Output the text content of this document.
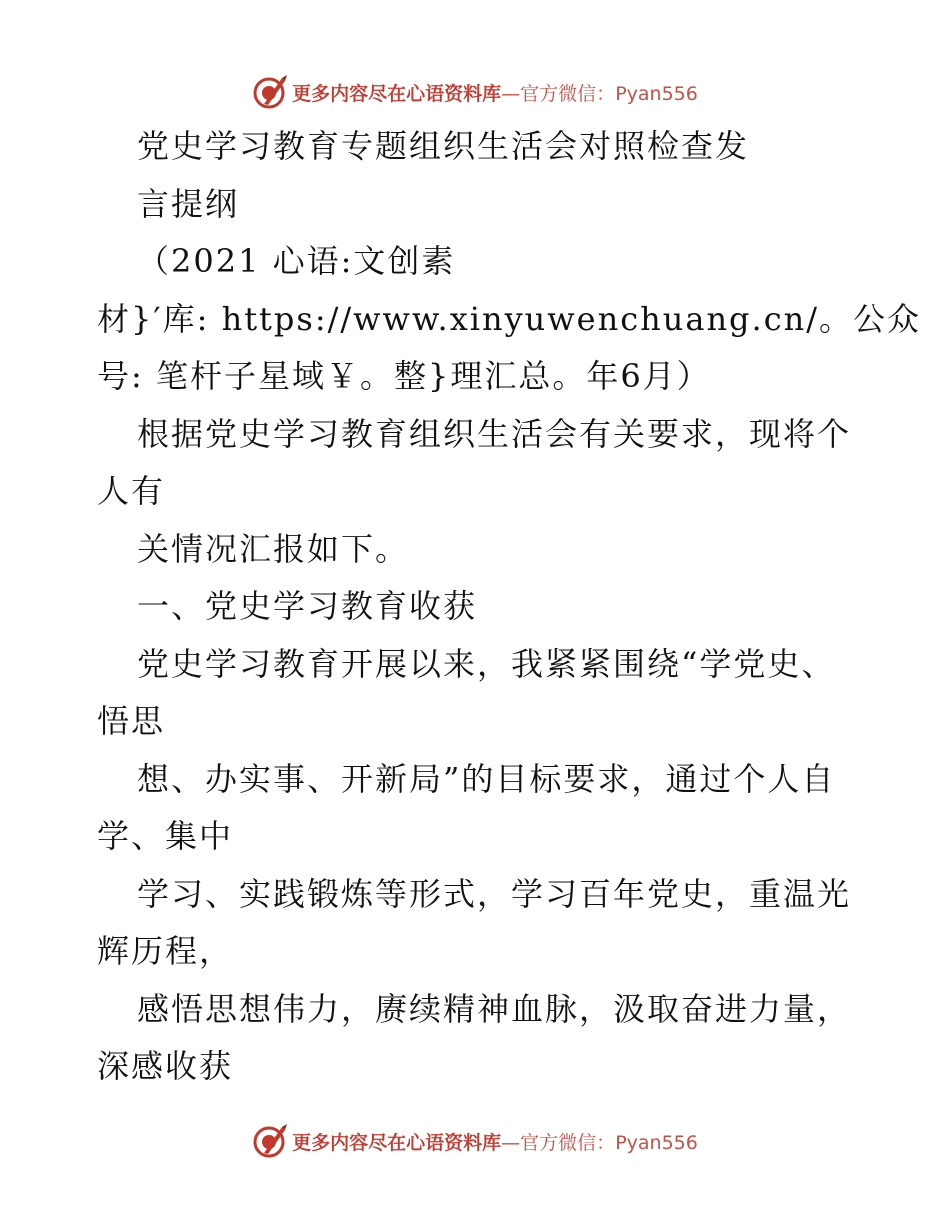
更多内容尽在心语资料库—官方微信：Pyan556
党史学习教育专题组织生活会对照检查发
言提纲
（2021 心语:文创素
材}′库: https://www.xinyuwenchuang.cn/。公众
号: 笔杆子星域￥。整}理汇总。年6月）
根据党史学习教育组织生活会有关要求，现将个
人有
关情况汇报如下。
一、党史学习教育收获
党史学习教育开展以来，我紧紧围绕“学党史、
悟思
想、办实事、开新局”的目标要求，通过个人自
学、集中
学习、实践锻炼等形式，学习百年党史，重温光
辉历程，
感悟思想伟力，赓续精神血脉，汲取奋进力量，
深感收获
更多内容尽在心语资料库—官方微信：Pyan556
